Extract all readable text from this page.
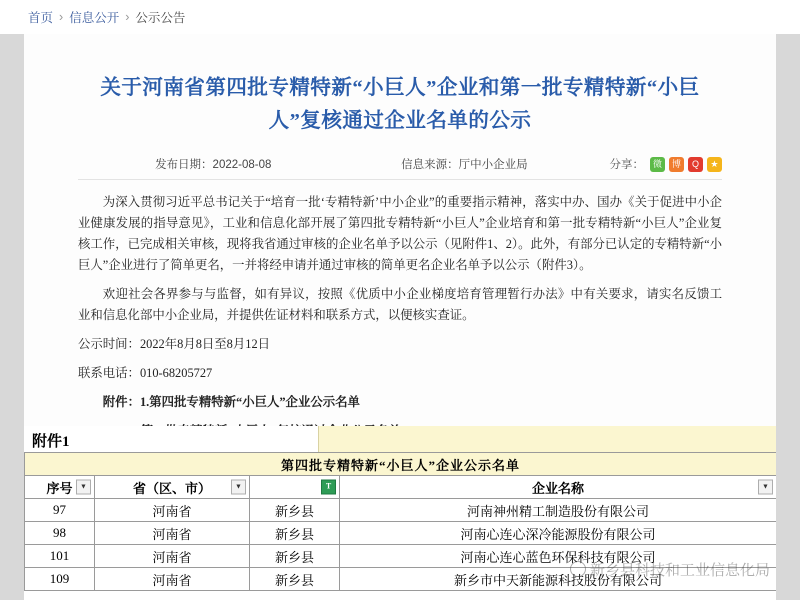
首页 › 信息公开 › 公示公告
关于河南省第四批专精特新“小巨人”企业和第一批专精特新“小巨人”复核通过企业名单的公示
发布日期：2022-08-08	信息来源：厅中小企业局	分享： 微	博	Q	★

为深入贯彻习近平总书记关于“培育一批‘专精特新’中小企业”的重要指示精神，落实中办、国办《关于促进中小企业健康发展的指导意见》，工业和信息化部开展了第四批专精特新“小巨人”企业培育和第一批专精特新“小巨人”企业复核工作，已完成相关审核，现将我省通过审核的企业名单予以公示（见附件1、2）。此外，有部分已认定的专精特新“小巨人”企业进行了简单更名，一并将经申请并通过审核的简单更名企业名单予以公示（附件3）。

欢迎社会各界参与与监督，如有异议，按照《优质中小企业梯度培育管理暂行办法》中有关要求，请实名反馈工业和信息化部中小企业局，并提供佐证材料和联系方式，以便核实查证。

公示时间：2022年8月8日至8月12日

联系电话：010-68205727

附件：1.第四批专精特新“小巨人”企业公示名单

附件1
第四批专精特新“小巨人”企业公示名单			
序号 ▼	省（区、市） ▼	T	企业名称 ▼

97	河南省	新乡县	河南神州精工制造股份有限公司
98	河南省	新乡县	河南心连心深冷能源股份有限公司
101	河南省	新乡县	河南心连心蓝色环保科技有限公司
109	河南省	新乡县	新乡市中天新能源科技股份有限公司
新乡县科技和工业信息化局
